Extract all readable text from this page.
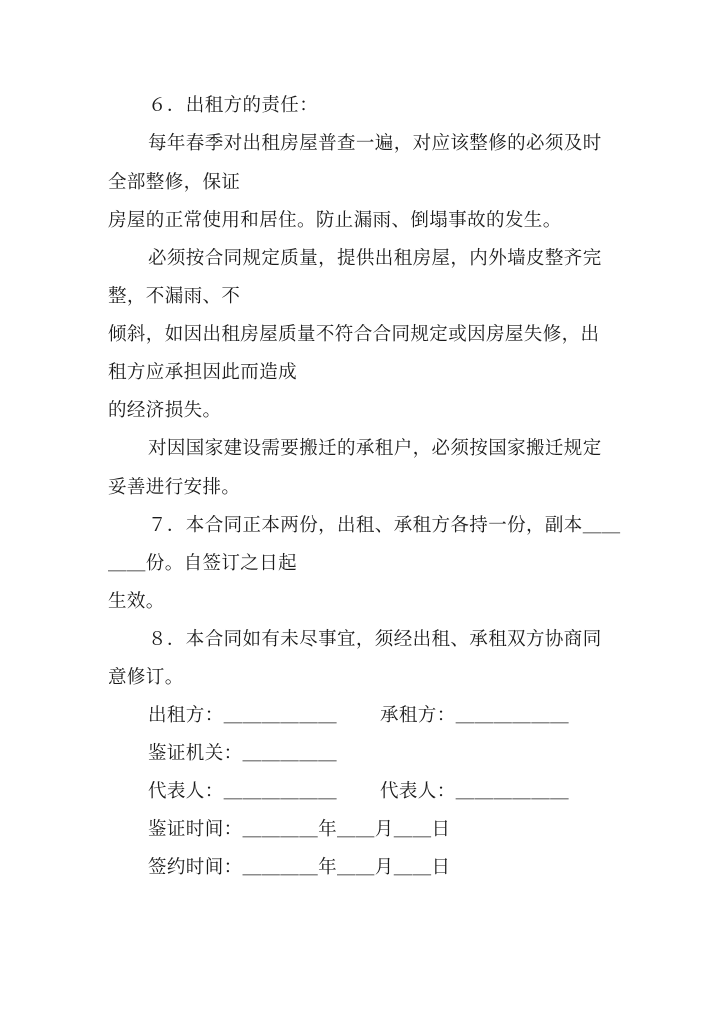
６．出租方的责任：
每年春季对出租房屋普查一遍，对应该整修的必须及时
全部整修，保证
房屋的正常使用和居住。防止漏雨、倒塌事故的发生。
必须按合同规定质量，提供出租房屋，内外墙皮整齐完
整，不漏雨、不
倾斜，如因出租房屋质量不符合合同规定或因房屋失修，出
租方应承担因此而造成
的经济损失。
对因国家建设需要搬迁的承租户，必须按国家搬迁规定
妥善进行安排。
７．本合同正本两份，出租、承租方各持一份，副本＿＿
＿＿份。自签订之日起
生效。
８．本合同如有未尽事宜，须经出租、承租双方协商同
意修订。
出租方：＿＿＿＿＿＿ 承租方：＿＿＿＿＿＿
鉴证机关：＿＿＿＿＿
代表人：＿＿＿＿＿＿ 代表人：＿＿＿＿＿＿
鉴证时间：＿＿＿＿年＿＿月＿＿日
签约时间：＿＿＿＿年＿＿月＿＿日
